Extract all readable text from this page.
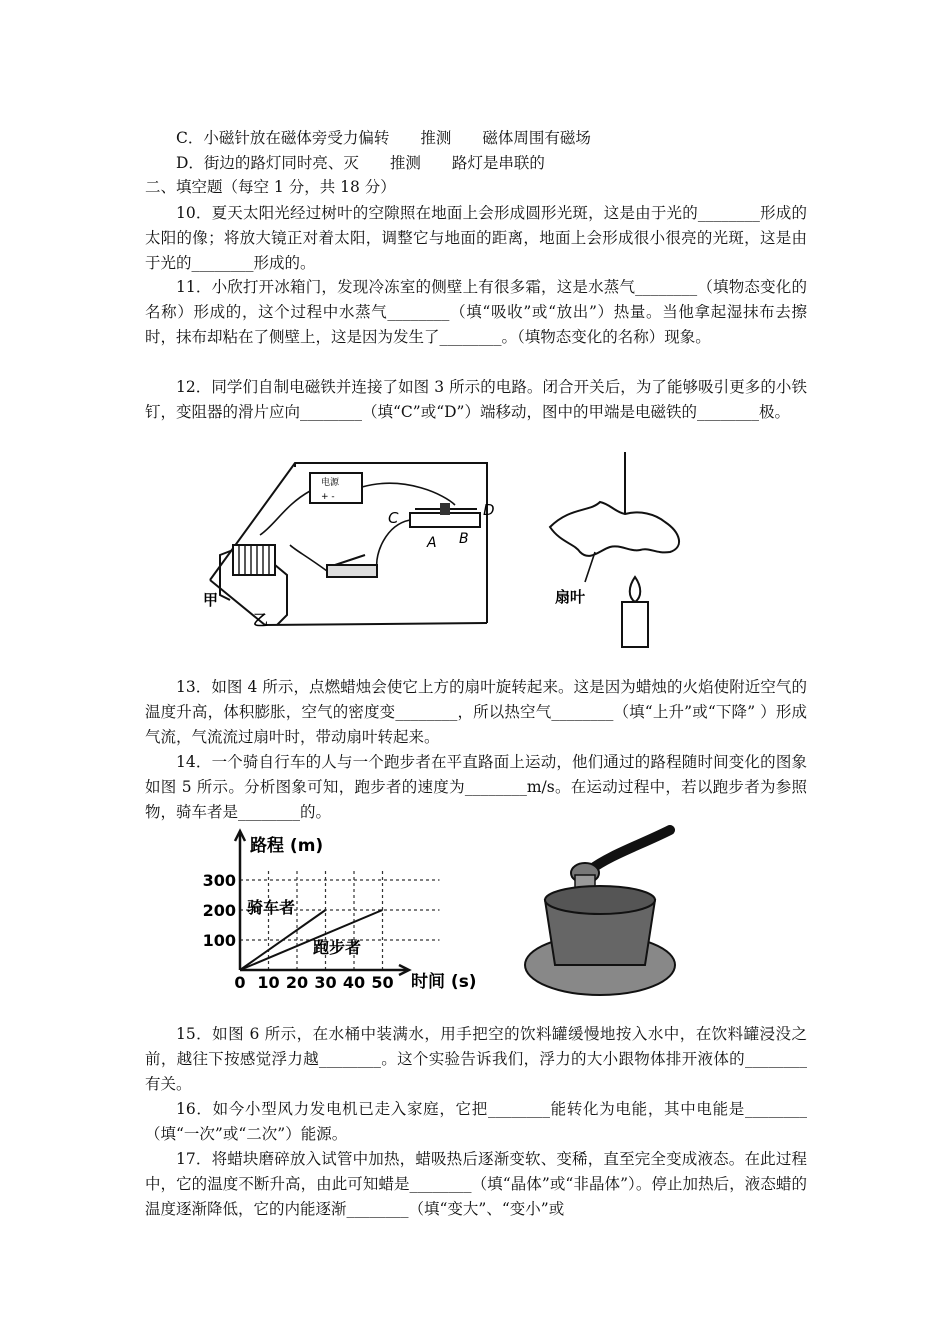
C．小磁针放在磁体旁受力偏转　　推测　　磁体周围有磁场
D．街边的路灯同时亮、灭　　推测　　路灯是串联的
二、填空题（每空 1 分，共 18 分）

10．夏天太阳光经过树叶的空隙照在地面上会形成圆形光斑，这是由于光的________形成的太阳的像；将放大镜正对着太阳，调整它与地面的距离，地面上会形成很小很亮的光斑，这是由于光的________形成的。

11．小欣打开冰箱门，发现冷冻室的侧壁上有很多霜，这是水蒸气________（填物态变化的名称）形成的，这个过程中水蒸气________（填“吸收”或“放出”）热量。当他拿起湿抹布去擦时，抹布却粘在了侧壁上，这是因为发生了________。（填物态变化的名称）现象。

12．同学们自制电磁铁并连接了如图 3 所示的电路。闭合开关后，为了能够吸引更多的小铁钉，变阻器的滑片应向________（填“C”或“D”）端移动，图中的甲端是电磁铁的________极。

电源
+ -
C	D
A B
甲
乙
扇叶

13．如图 4 所示，点燃蜡烛会使它上方的扇叶旋转起来。这是因为蜡烛的火焰使附近空气的温度升高，体积膨胀，空气的密度变________，所以热空气________（填“上升”或“下降” ）形成气流，气流流过扇叶时，带动扇叶转起来。

14．一个骑自行车的人与一个跑步者在平直路面上运动，他们通过的路程随时间变化的图象如图 5 所示。分析图象可知，跑步者的速度为________m/s。在运动过程中，若以跑步者为参照物，骑车者是________的。

路程 (m)
时间 (s)
100
200
300
0 10 20 30 40 50
骑车者
跑步者

15．如图 6 所示，在水桶中装满水，用手把空的饮料罐缓慢地按入水中，在饮料罐浸没之前，越往下按感觉浮力越________。这个实验告诉我们，浮力的大小跟物体排开液体的________有关。

16．如今小型风力发电机已走入家庭，它把________能转化为电能，其中电能是________（填“一次”或“二次”）能源。

17．将蜡块磨碎放入试管中加热，蜡吸热后逐渐变软、变稀，直至完全变成液态。在此过程中，它的温度不断升高，由此可知蜡是________（填“晶体”或“非晶体”）。停止加热后，液态蜡的温度逐渐降低，它的内能逐渐________（填“变大”、“变小”或
